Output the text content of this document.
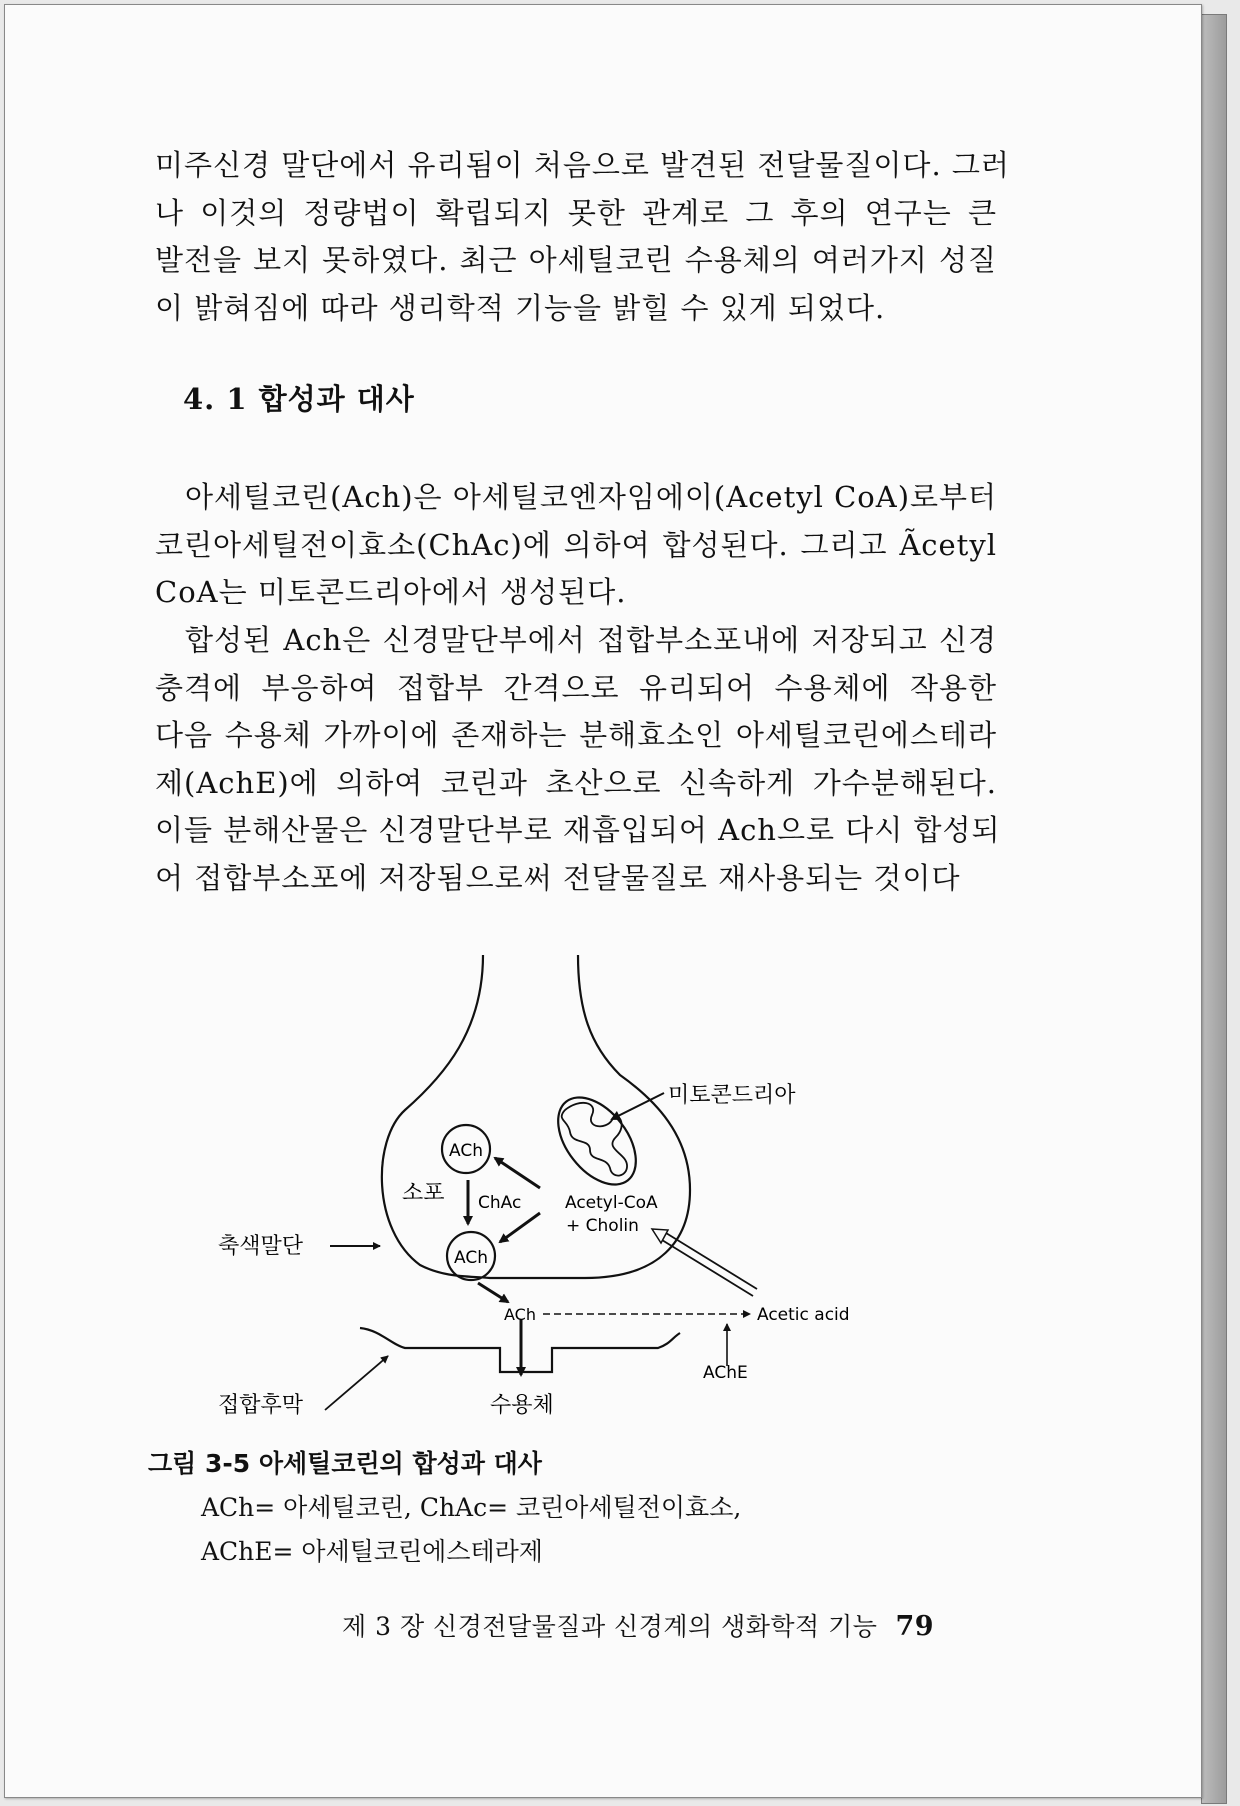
미주신경 말단에서 유리됨이 처음으로 발견된 전달물질이다. 그러
나 이것의 정량법이 확립되지 못한 관계로 그 후의 연구는 큰
발전을 보지 못하였다. 최근 아세틸코린 수용체의 여러가지 성질
이 밝혀짐에 따라 생리학적 기능을 밝힐 수 있게 되었다.
4. 1 합성과 대사
아세틸코린(Ach)은 아세틸코엔자임에이(Acetyl CoA)로부터
코린아세틸전이효소(ChAc)에 의하여 합성된다. 그리고 Ãcetyl
CoA는 미토콘드리아에서 생성된다.
합성된 Ach은 신경말단부에서 접합부소포내에 저장되고 신경
충격에 부응하여 접합부 간격으로 유리되어 수용체에 작용한
다음 수용체 가까이에 존재하는 분해효소인 아세틸코린에스테라
제(AchE)에 의하여 코린과 초산으로 신속하게 가수분해된다.
이들 분해산물은 신경말단부로 재흡입되어 Ach으로 다시 합성되
어 접합부소포에 저장됨으로써 전달물질로 재사용되는 것이다
미토콘드리아
ACh
ACh
소포 ChAc	Acetyl-CoA
+ Cholin
축색말단
ACh	Acetic acid
AChE
접합후막	수용체
그림 3-5 아세틸코린의 합성과 대사

ACh= 아세틸코린, ChAc= 코린아세틸전이효소,
AChE= 아세틸코린에스테라제
제 3 장 신경전달물질과 신경계의 생화학적 기능 79
